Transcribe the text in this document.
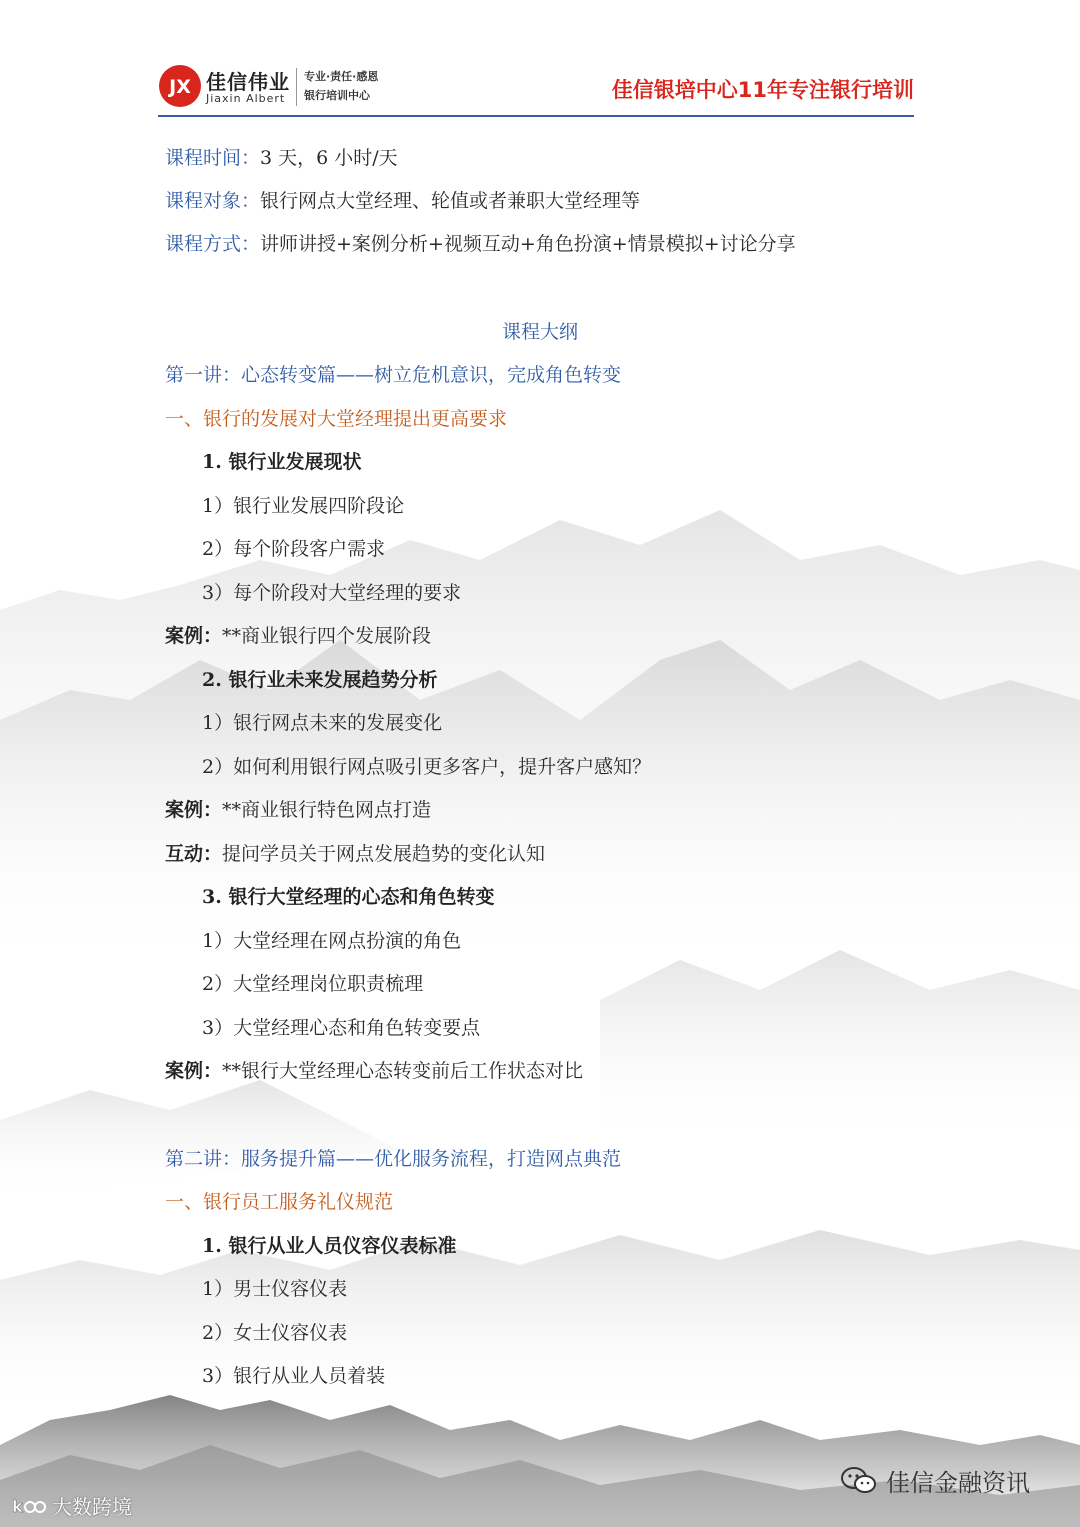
JX 佳信伟业
Jiaxin Albert
专业·责任·感恩
银行培训中心	佳信银培中心11年专注银行培训
课程时间：3 天，6 小时/天
课程对象：银行网点大堂经理、轮值或者兼职大堂经理等
课程方式：讲师讲授+案例分析+视频互动+角色扮演+情景模拟+讨论分享
课程大纲
第一讲：心态转变篇——树立危机意识，完成角色转变
一、银行的发展对大堂经理提出更高要求
1. 银行业发展现状
1）银行业发展四阶段论
2）每个阶段客户需求
3）每个阶段对大堂经理的要求
案例：**商业银行四个发展阶段
2. 银行业未来发展趋势分析
1）银行网点未来的发展变化
2）如何利用银行网点吸引更多客户，提升客户感知？
案例：**商业银行特色网点打造
互动：提问学员关于网点发展趋势的变化认知
3. 银行大堂经理的心态和角色转变
1）大堂经理在网点扮演的角色
2）大堂经理岗位职责梳理
3）大堂经理心态和角色转变要点
案例：**银行大堂经理心态转变前后工作状态对比
第二讲：服务提升篇——优化服务流程，打造网点典范
一、银行员工服务礼仪规范
1. 银行从业人员仪容仪表标准
1）男士仪容仪表
2）女士仪容仪表
3）银行从业人员着装
k 大数跨境
佳信金融资讯
